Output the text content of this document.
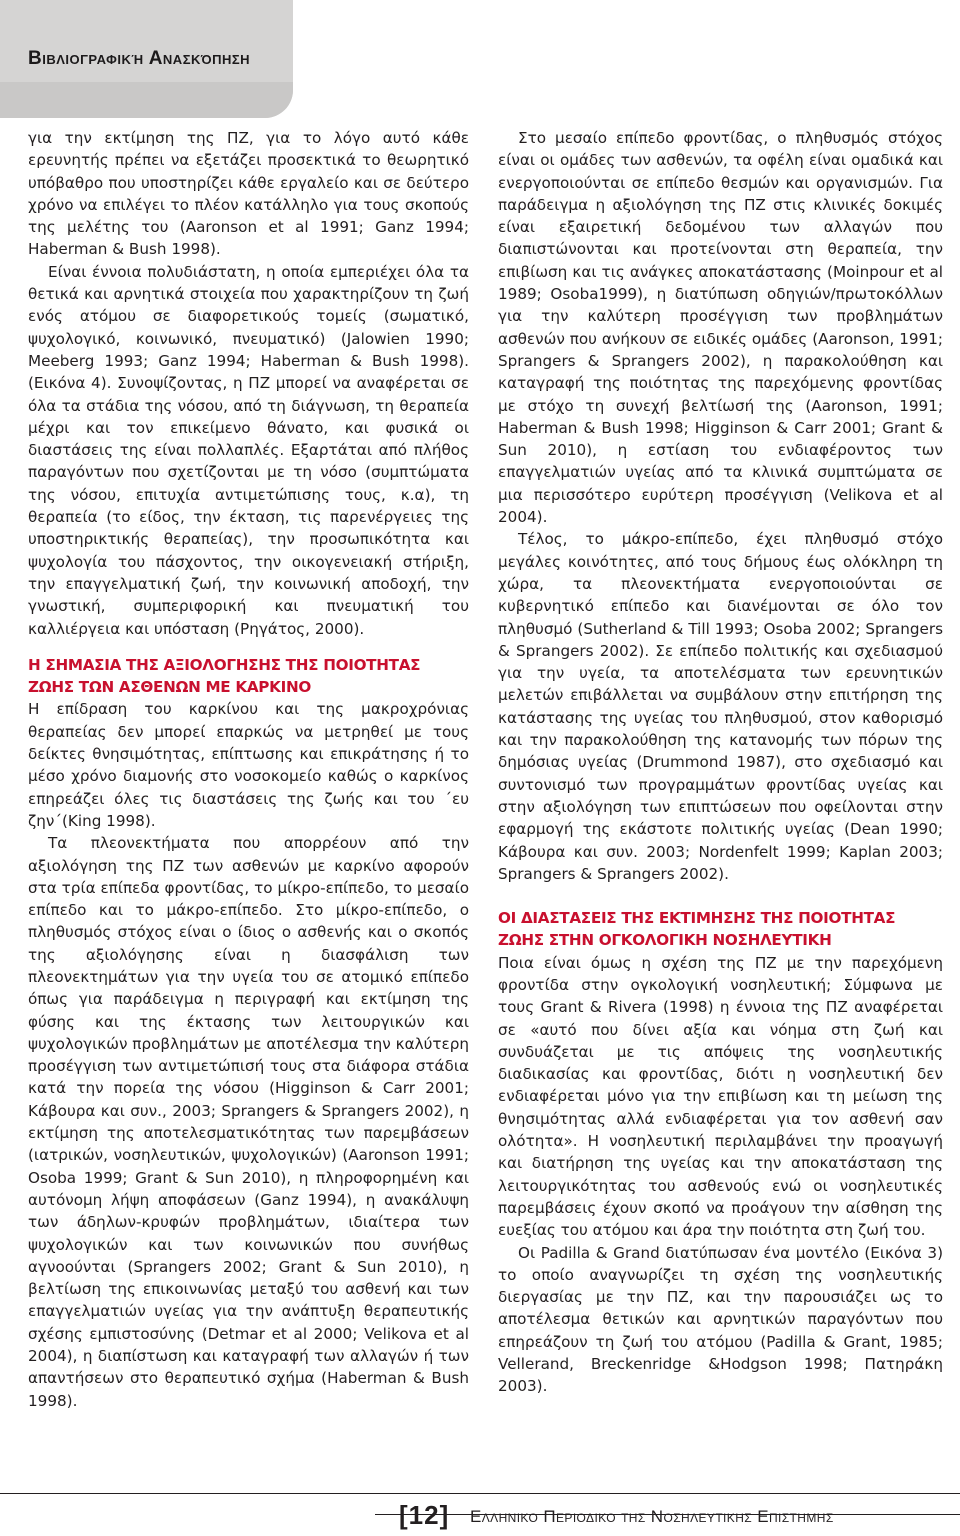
Βιβλιογραφική Ανασκόπηση

για την εκτίμηση της ΠΖ, για το λόγο αυτό κάθε ερευνητής πρέπει να εξετάζει προσεκτικά το θεωρητικό υπόβαθρο που υποστηρίζει κάθε εργαλείο και σε δεύτερο χρόνο να επιλέγει το πλέον κατάλληλο για τους σκοπούς της μελέτης του (Aaronson et al 1991; Ganz 1994; Haberman & Bush 1998).

Είναι έννοια πολυδιάστατη, η οποία εμπεριέχει όλα τα θετικά και αρνητικά στοιχεία που χαρακτηρίζουν τη ζωή ενός ατόμου σε διαφορετικούς τομείς (σωματικό, ψυχολογικό, κοινωνικό, πνευματικό) (Jalowien 1990; Meeberg 1993; Ganz 1994; Haberman & Bush 1998). (Εικόνα 4). Συνοψίζοντας, η ΠΖ μπορεί να αναφέρεται σε όλα τα στάδια της νόσου, από τη διάγνωση, τη θεραπεία μέχρι και τον επικείμενο θάνατο, και φυσικά οι διαστάσεις της είναι πολλαπλές. Εξαρτάται από πλήθος παραγόντων που σχετίζονται με τη νόσο (συμπτώματα της νόσου, επιτυχία αντιμετώπισης τους, κ.α), τη θεραπεία (το είδος, την έκταση, τις παρενέργειες της υποστηρικτικής θεραπείας), την προσωπικότητα και ψυχολογία του πάσχοντος, την οικογενειακή στήριξη, την επαγγελματική ζωή, την κοινωνική αποδοχή, την γνωστική, συμπεριφορική και πνευματική του καλλιέργεια και υπόσταση (Ρηγάτος, 2000).

Η ΣΗΜΑΣΙΑ ΤΗΣ ΑΞΙΟΛΟΓΗΣΗΣ ΤΗΣ ΠΟΙΟΤΗΤΑΣ ΖΩΗΣ ΤΩΝ ΑΣΘΕΝΩΝ ΜΕ ΚΑΡΚΙΝΟ

Η επίδραση του καρκίνου και της μακροχρόνιας θεραπείας δεν μπορεί επαρκώς να μετρηθεί με τους δείκτες θνησιμότητας, επίπτωσης και επικράτησης ή το μέσο χρόνο διαμονής στο νοσοκομείο καθώς ο καρκίνος επηρεάζει όλες τις διαστάσεις της ζωής και του ΄ευ ζην΄(King 1998).

Τα πλεονεκτήματα που απορρέουν από την αξιολόγηση της ΠΖ των ασθενών με καρκίνο αφορούν στα τρία επίπεδα φροντίδας, το μίκρο-επίπεδο, το μεσαίο επίπεδο και το μάκρο-επίπεδο. Στο μίκρο-επίπεδο, ο πληθυσμός στόχος είναι ο ίδιος ο ασθενής και ο σκοπός της αξιολόγησης είναι η διασφάλιση των πλεονεκτημάτων για την υγεία του σε ατομικό επίπεδο όπως για παράδειγμα η περιγραφή και εκτίμηση της φύσης και της έκτασης των λειτουργικών και ψυχολογικών προβλημάτων με αποτέλεσμα την καλύτερη προσέγγιση των αντιμετώπισή τους στα διάφορα στάδια κατά την πορεία της νόσου (Higginson & Carr 2001; Κάβουρα και συν., 2003; Sprangers & Sprangers 2002), η εκτίμηση της αποτελεσματικότητας των παρεμβάσεων (ιατρικών, νοσηλευτικών, ψυχολογικών) (Aaronson 1991; Osoba 1999; Grant & Sun 2010), η πληροφορημένη και αυτόνομη λήψη αποφάσεων (Ganz 1994), η ανακάλυψη των άδηλων-κρυφών προβλημάτων, ιδιαίτερα των ψυχολογικών και των κοινωνικών που συνήθως αγνοούνται (Sprangers 2002; Grant & Sun 2010), η βελτίωση της επικοινωνίας μεταξύ του ασθενή και των επαγγελματιών υγείας για την ανάπτυξη θεραπευτικής σχέσης εμπιστοσύνης (Detmar et al 2000; Velikova et al 2004), η διαπίστωση και καταγραφή των αλλαγών ή των απαντήσεων στο θεραπευτικό σχήμα (Haberman & Bush 1998).

Στο μεσαίο επίπεδο φροντίδας, ο πληθυσμός στόχος είναι οι ομάδες των ασθενών, τα οφέλη είναι ομαδικά και ενεργοποιούνται σε επίπεδο θεσμών και οργανισμών. Για παράδειγμα η αξιολόγηση της ΠΖ στις κλινικές δοκιμές είναι εξαιρετική δεδομένου των αλλαγών που διαπιστώνονται και προτείνονται στη θεραπεία, την επιβίωση και τις ανάγκες αποκατάστασης (Moinpour et al 1989; Osoba1999), η διατύπωση οδηγιών/πρωτοκόλλων για την καλύτερη προσέγγιση των προβλημάτων ασθενών που ανήκουν σε ειδικές ομάδες (Aaronson, 1991; Sprangers & Sprangers 2002), η παρακολούθηση και καταγραφή της ποιότητας της παρεχόμενης φροντίδας με στόχο τη συνεχή βελτίωσή της (Aaronson, 1991; Haberman & Bush 1998; Higginson & Carr 2001; Grant & Sun 2010), η εστίαση του ενδιαφέροντος των επαγγελματιών υγείας από τα κλινικά συμπτώματα σε μια περισσότερο ευρύτερη προσέγγιση (Velikova et al 2004).

Τέλος, το μάκρο-επίπεδο, έχει πληθυσμό στόχο μεγάλες κοινότητες, από τους δήμους έως ολόκληρη τη χώρα, τα πλεονεκτήματα ενεργοποιούνται σε κυβερνητικό επίπεδο και διανέμονται σε όλο τον πληθυσμό (Sutherland & Till 1993; Osoba 2002; Sprangers & Sprangers 2002). Σε επίπεδο πολιτικής και σχεδιασμού για την υγεία, τα αποτελέσματα των ερευνητικών μελετών επιβάλλεται να συμβάλουν στην επιτήρηση της κατάστασης της υγείας του πληθυσμού, στον καθορισμό και την παρακολούθηση της κατανομής των πόρων της δημόσιας υγείας (Drummond 1987), στο σχεδιασμό και συντονισμό των προγραμμάτων φροντίδας υγείας και στην αξιολόγηση των επιπτώσεων που οφείλονται στην εφαρμογή της εκάστοτε πολιτικής υγείας (Dean 1990; Κάβουρα και συν. 2003; Nordenfelt 1999; Kaplan 2003; Sprangers & Sprangers 2002).

ΟΙ ΔΙΑΣΤΑΣΕΙΣ ΤΗΣ ΕΚΤΙΜΗΣΗΣ ΤΗΣ ΠΟΙΟΤΗΤΑΣ ΖΩΗΣ ΣΤΗΝ ΟΓΚΟΛΟΓΙΚΗ ΝΟΣΗΛΕΥΤΙΚΗ

Ποια είναι όμως η σχέση της ΠΖ με την παρεχόμενη φροντίδα στην ογκολογική νοσηλευτική; Σύμφωνα με τους Grant & Rivera (1998) η έννοια της ΠΖ αναφέρεται σε «αυτό που δίνει αξία και νόημα στη ζωή και συνδυάζεται με τις απόψεις της νοσηλευτικής διαδικασίας και φροντίδας, διότι η νοσηλευτική δεν ενδιαφέρεται μόνο για την επιβίωση και τη μείωση της θνησιμότητας αλλά ενδιαφέρεται για τον ασθενή σαν ολότητα». Η νοσηλευτική περιλαμβάνει την προαγωγή και διατήρηση της υγείας και την αποκατάσταση της λειτουργικότητας του ασθενούς ενώ οι νοσηλευτικές παρεμβάσεις έχουν σκοπό να προάγουν την αίσθηση της ευεξίας του ατόμου και άρα την ποιότητα στη ζωή του.

Οι Padilla & Grand διατύπωσαν ένα μοντέλο (Εικόνα 3) το οποίο αναγνωρίζει τη σχέση της νοσηλευτικής διεργασίας με την ΠΖ, και την παρουσιάζει ως το αποτέλεσμα θετικών και αρνητικών παραγόντων που επηρεάζουν τη ζωή του ατόμου (Padilla & Grant, 1985; Vellerand, Breckenridge &Hodgson 1998; Πατηράκη 2003).

[12] Ελληνικο Περιοδικο της Νοσηλευτικης Επιστημης
